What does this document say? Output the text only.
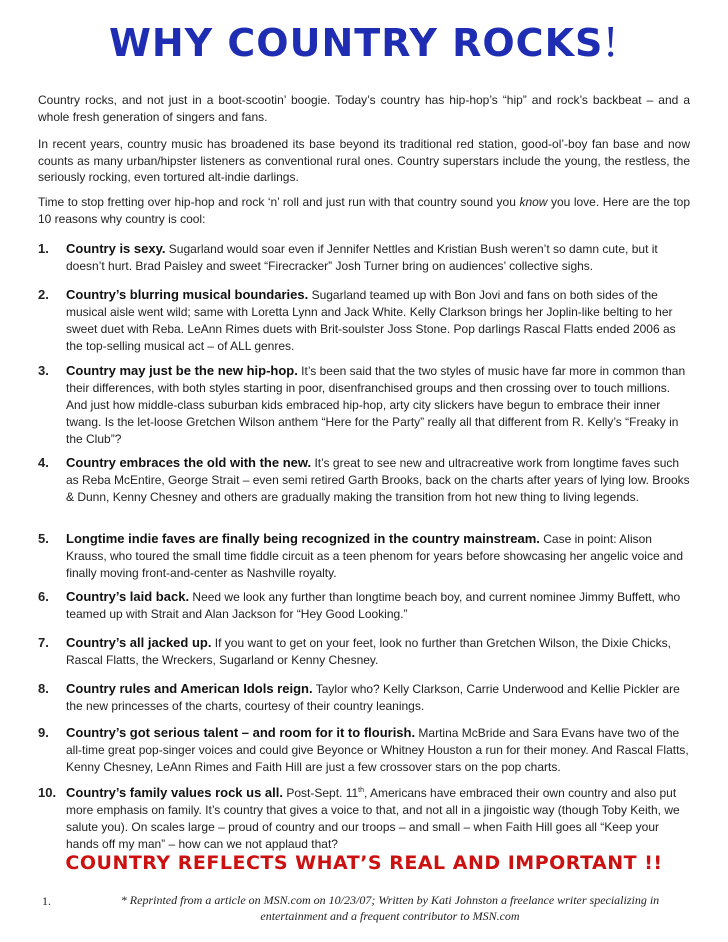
WHY COUNTRY ROCKS!

Country rocks, and not just in a boot-scootin’ boogie. Today’s country has hip-hop’s “hip” and rock’s backbeat – and a whole fresh generation of singers and fans.

In recent years, country music has broadened its base beyond its traditional red station, good-ol’-boy fan base and now counts as many urban/hipster listeners as conventional rural ones. Country superstars include the young, the restless, the seriously rocking, even tortured alt-indie darlings.

Time to stop fretting over hip-hop and rock ‘n’ roll and just run with that country sound you know you love. Here are the top 10 reasons why country is cool:

1.	Country is sexy. Sugarland would soar even if Jennifer Nettles and Kristian Bush weren’t so damn cute, but it doesn’t hurt. Brad Paisley and sweet “Firecracker” Josh Turner bring on audiences’ collective sighs.
2.	Country’s blurring musical boundaries. Sugarland teamed up with Bon Jovi and fans on both sides of the musical aisle went wild; same with Loretta Lynn and Jack White. Kelly Clarkson brings her Joplin-like belting to her sweet duet with Reba. LeAnn Rimes duets with Brit-soulster Joss Stone. Pop darlings Rascal Flatts ended 2006 as the top-selling musical act – of ALL genres.
3.	Country may just be the new hip-hop. It’s been said that the two styles of music have far more in common than their differences, with both styles starting in poor, disenfranchised groups and then crossing over to touch millions. And just how middle-class suburban kids embraced hip-hop, arty city slickers have begun to embrace their inner twang. Is the let-loose Gretchen Wilson anthem “Here for the Party” really all that different from R. Kelly’s “Freaky in the Club”?
4.	Country embraces the old with the new. It’s great to see new and ultracreative work from longtime faves such as Reba McEntire, George Strait – even semi retired Garth Brooks, back on the charts after years of lying low. Brooks & Dunn, Kenny Chesney and others are gradually making the transition from hot new thing to living legends.
5.	Longtime indie faves are finally being recognized in the country mainstream. Case in point: Alison Krauss, who toured the small time fiddle circuit as a teen phenom for years before showcasing her angelic voice and finally moving front-and-center as Nashville royalty.
6.	Country’s laid back. Need we look any further than longtime beach boy, and current nominee Jimmy Buffett, who teamed up with Strait and Alan Jackson for “Hey Good Looking.”
7.	Country’s all jacked up. If you want to get on your feet, look no further than Gretchen Wilson, the Dixie Chicks, Rascal Flatts, the Wreckers, Sugarland or Kenny Chesney.
8.	Country rules and American Idols reign. Taylor who? Kelly Clarkson, Carrie Underwood and Kellie Pickler are the new princesses of the charts, courtesy of their country leanings.
9.	Country’s got serious talent – and room for it to flourish. Martina McBride and Sara Evans have two of the all-time great pop-singer voices and could give Beyonce or Whitney Houston a run for their money. And Rascal Flatts, Kenny Chesney, LeAnn Rimes and Faith Hill are just a few crossover stars on the pop charts.
10. Country’s family values rock us all. Post-Sept. 11th, Americans have embraced their own country and also put more emphasis on family. It’s country that gives a voice to that, and not all in a jingoistic way (though Toby Keith, we salute you). On scales large – proud of country and our troops – and small – when Faith Hill goes all “Keep your hands off my man” – how can we not applaud that?
COUNTRY REFLECTS WHAT’S REAL AND IMPORTANT !!
1.	* Reprinted from a article on MSN.com on 10/23/07; Written by Kati Johnston a freelance writer specializing in entertainment and a frequent contributor to MSN.com
